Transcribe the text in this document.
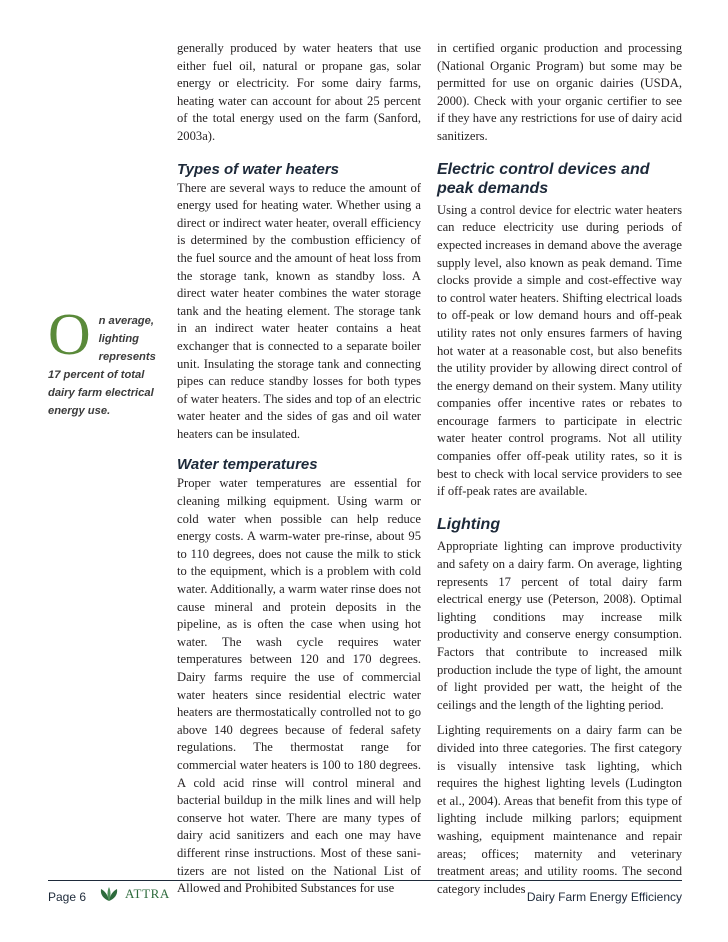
generally produced by water heaters that use either fuel oil, natural or propane gas, solar energy or electricity. For some dairy farms, heating water can account for about 25 percent of the total energy used on the farm (Sanford, 2003a).

Types of water heaters

There are several ways to reduce the amount of energy used for heating water. Whether using a direct or indirect water heater, overall efficiency is determined by the combustion efficiency of the fuel source and the amount of heat loss from the storage tank, known as standby loss. A direct water heater combines the water storage tank and the heating element. The storage tank in an indirect water heater contains a heat exchanger that is connected to a separate boiler unit. Insulating the storage tank and connecting pipes can reduce standby losses for both types of water heaters. The sides and top of an electric water heater and the sides of gas and oil water heaters can be insulated.

Water temperatures

Proper water temperatures are essential for cleaning milking equipment. Using warm or cold water when possible can help reduce energy costs. A warm-water pre-rinse, about 95 to 110 degrees, does not cause the milk to stick to the equipment, which is a problem with cold water. Additionally, a warm water rinse does not cause mineral and protein deposits in the pipeline, as is often the case when using hot water. The wash cycle requires water temperatures between 120 and 170 degrees. Dairy farms require the use of commercial water heaters since residential electric water heaters are thermostatically controlled not to go above 140 degrees because of federal safety regulations. The thermostat range for commercial water heaters is 100 to 180 degrees. A cold acid rinse will control mineral and bacterial buildup in the milk lines and will help conserve hot water. There are many types of dairy acid sanitizers and each one may have different rinse instructions. Most of these sanitizers are not listed on the National List of Allowed and Prohibited Substances for use

in certified organic production and processing (National Organic Program) but some may be permitted for use on organic dairies (USDA, 2000). Check with your organic certifier to see if they have any restrictions for use of dairy acid sanitizers.

Electric control devices and peak demands

Using a control device for electric water heaters can reduce electricity use during periods of expected increases in demand above the average supply level, also known as peak demand. Time clocks provide a simple and cost-effective way to control water heaters. Shifting electrical loads to off-peak or low demand hours and off-peak utility rates not only ensures farmers of having hot water at a reasonable cost, but also benefits the utility provider by allowing direct control of the energy demand on their system. Many utility companies offer incentive rates or rebates to encourage farmers to participate in electric water heater control programs. Not all utility companies offer off-peak utility rates, so it is best to check with local service providers to see if off-peak rates are available.

Lighting

Appropriate lighting can improve productivity and safety on a dairy farm. On average, lighting represents 17 percent of total dairy farm electrical energy use (Peterson, 2008). Optimal lighting conditions may increase milk productivity and conserve energy consumption. Factors that contribute to increased milk production include the type of light, the amount of light provided per watt, the height of the ceilings and the length of the lighting period.

Lighting requirements on a dairy farm can be divided into three categories. The first category is visually intensive task lighting, which requires the highest lighting levels (Ludington et al., 2004). Areas that benefit from this type of lighting include milking parlors; equipment washing, equipment maintenance and repair areas; offices; maternity and veterinary treatment areas; and utility rooms. The second category includes

O n average, lighting represents 17 percent of total dairy farm electrical energy use.
Page 6	ATTRA	Dairy Farm Energy Efficiency
